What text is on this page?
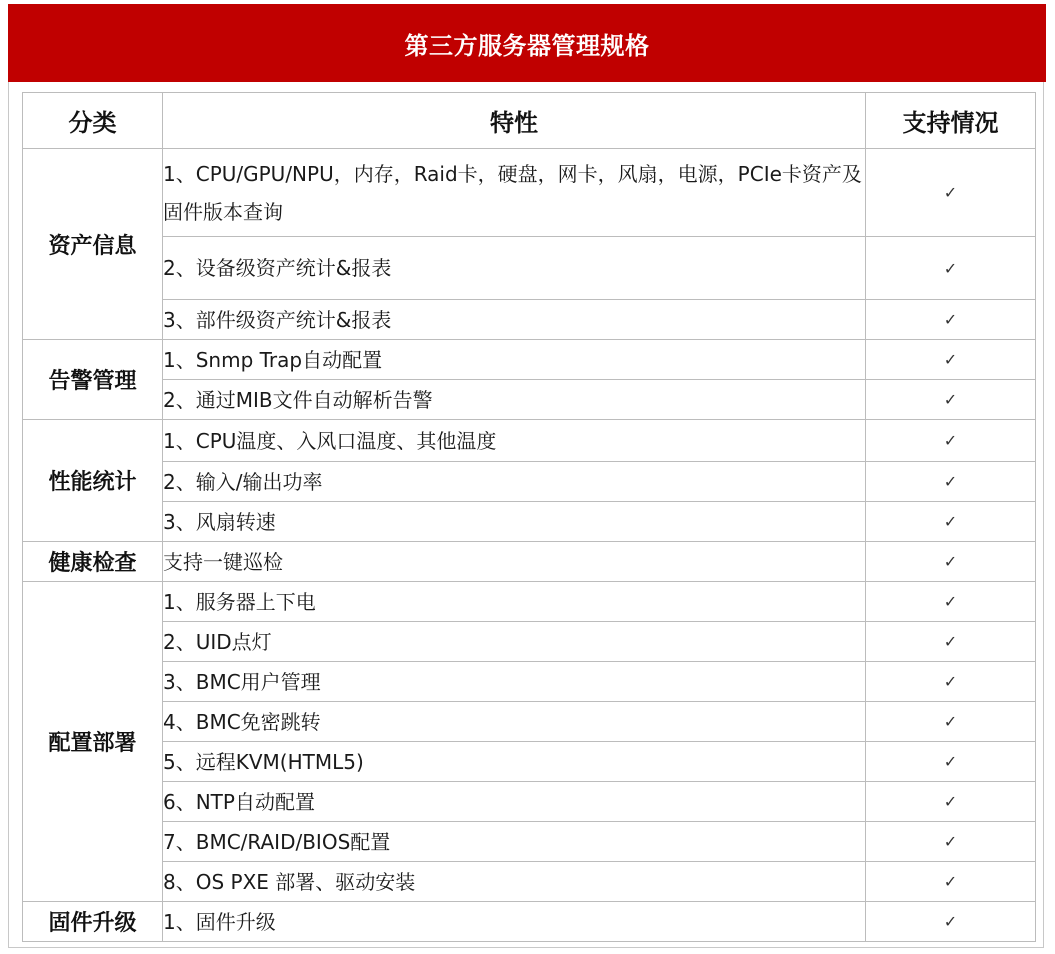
第三方服务器管理规格
分类	特性	支持情况
资产信息	1、CPU/GPU/NPU，内存，Raid卡，硬盘，网卡，风扇，电源，PCIe卡资产及固件版本查询	✓
	2、设备级资产统计&报表	✓
	3、部件级资产统计&报表	✓
告警管理	1、Snmp Trap自动配置	✓
	2、通过MIB文件自动解析告警	✓
性能统计	1、CPU温度、入风口温度、其他温度	✓
	2、输入/输出功率	✓
	3、风扇转速	✓
健康检查	支持一键巡检	✓
配置部署	1、服务器上下电	✓
	2、UID点灯	✓
	3、BMC用户管理	✓
	4、BMC免密跳转	✓
	5、远程KVM(HTML5)	✓
	6、NTP自动配置	✓
	7、BMC/RAID/BIOS配置	✓
	8、OS PXE 部署、驱动安装	✓
固件升级	1、固件升级	✓
